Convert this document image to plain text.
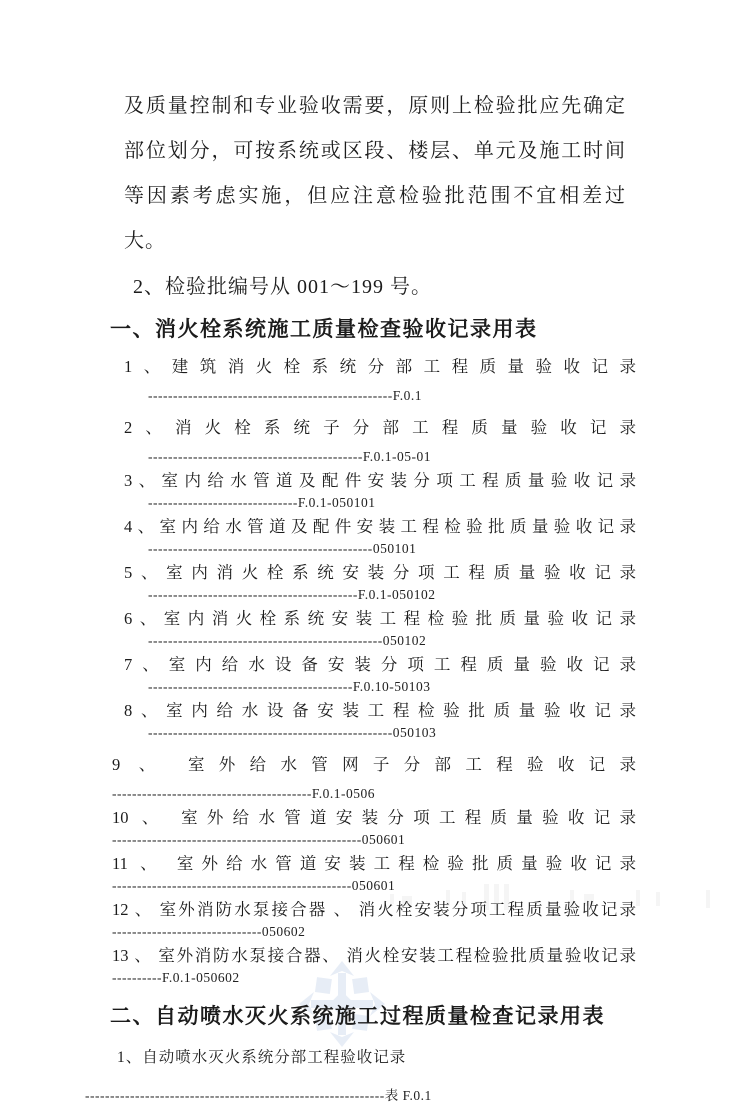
及质量控制和专业验收需要，原则上检验批应先确定部位划分，可按系统或区段、楼层、单元及施工时间等因素考虑实施，但应注意检验批范围不宜相差过大。

2、检验批编号从 001～199 号。

一、消火栓系统施工质量检查验收记录用表
1、建筑消火栓系统分部工程质量验收记录
-------------------------------------------------F.0.1
2、消火栓系统子分部工程质量验收记录
-------------------------------------------F.0.1-05-01
3、室内给水管道及配件安装分项工程质量验收记录
------------------------------F.0.1-050101
4、室内给水管道及配件安装工程检验批质量验收记录
---------------------------------------------050101
5、室内消火栓系统安装分项工程质量验收记录
------------------------------------------F.0.1-050102
6、室内消火栓系统安装工程检验批质量验收记录
-----------------------------------------------050102
7、室内给水设备安装分项工程质量验收记录
-----------------------------------------F.0.10-50103
8、室内给水设备安装工程检验批质量验收记录
-------------------------------------------------050103
9 、 室外给水管网子分部工程验收记录
----------------------------------------F.0.1-0506
10 、 室外给水管道安装分项工程质量验收记录
--------------------------------------------------050601
11 、 室外给水管道安装工程检验批质量验收记录
------------------------------------------------050601
12 、 室外消防水泵接合器 、 消火栓安装分项工程质量验收记录
------------------------------050602
13 、 室外消防水泵接合器、 消火栓安装工程检验批质量验收记录
----------F.0.1-050602
二、自动喷水灭火系统施工过程质量检查记录用表
1、自动喷水灭火系统分部工程验收记录
------------------------------------------------------------表 F.0.1
